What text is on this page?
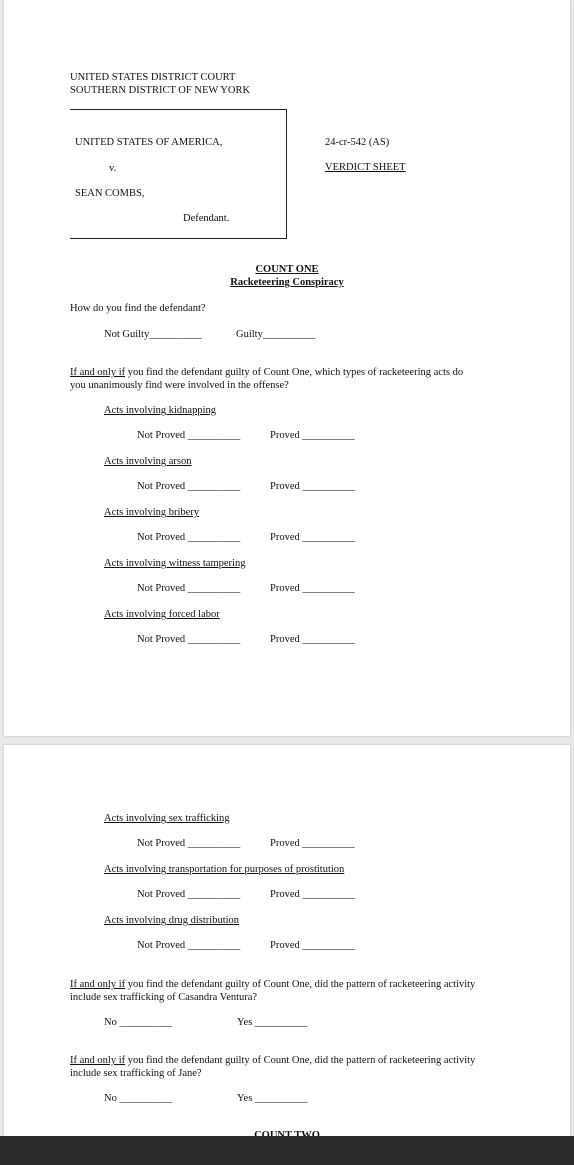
UNITED STATES DISTRICT COURT
SOUTHERN DISTRICT OF NEW YORK
UNITED STATES OF AMERICA,
v.
SEAN COMBS,
Defendant.
24-cr-542 (AS)
VERDICT SHEET
COUNT ONE
Racketeering Conspiracy
How do you find the defendant?
Not Guilty__________	Guilty__________
If and only if you find the defendant guilty of Count One, which types of racketeering acts do
you unanimously find were involved in the offense?
Acts involving kidnapping
Not Proved __________	Proved __________
Acts involving arson
Not Proved __________	Proved __________
Acts involving bribery
Not Proved __________	Proved __________
Acts involving witness tampering
Not Proved __________	Proved __________
Acts involving forced labor
Not Proved __________	Proved __________
Acts involving sex trafficking
Not Proved __________	Proved __________
Acts involving transportation for purposes of prostitution
Not Proved __________	Proved __________
Acts involving drug distribution
Not Proved __________	Proved __________
If and only if you find the defendant guilty of Count One, did the pattern of racketeering activity
include sex trafficking of Casandra Ventura?
No __________	Yes __________
If and only if you find the defendant guilty of Count One, did the pattern of racketeering activity
include sex trafficking of Jane?
No __________	Yes __________
